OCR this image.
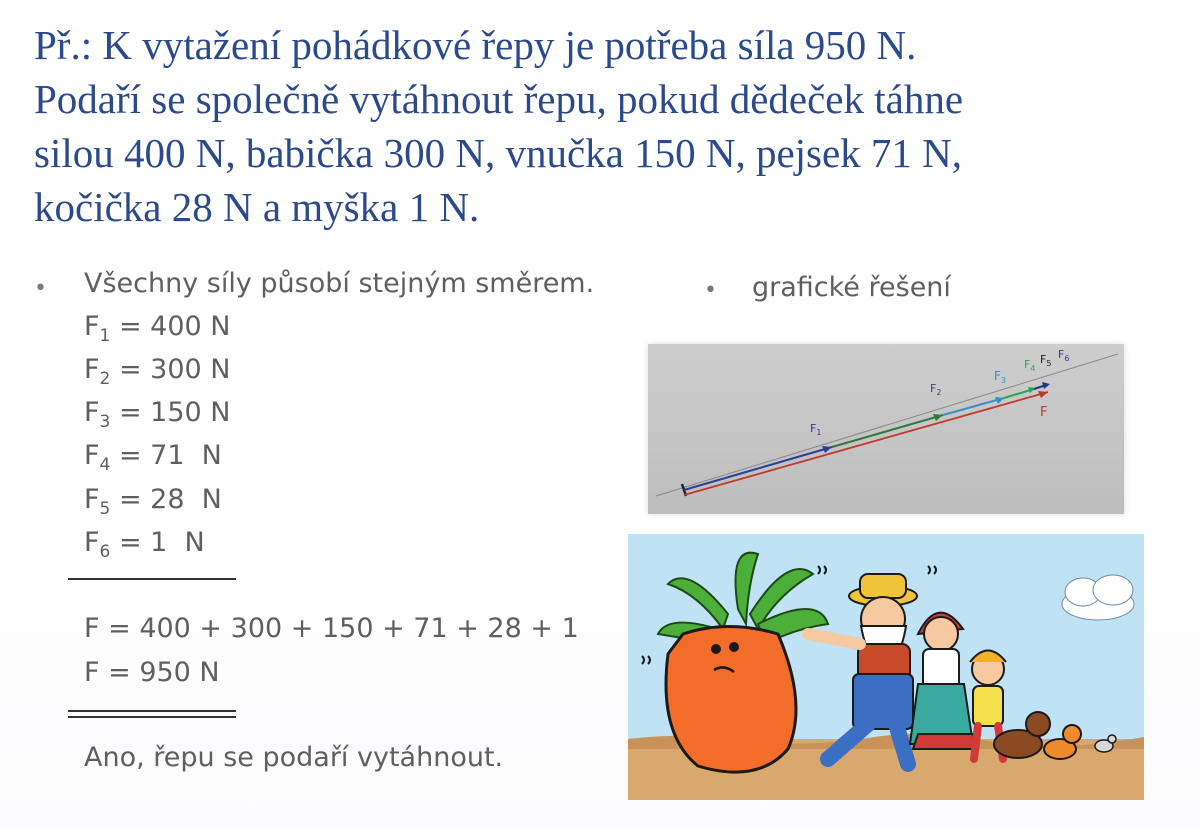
Př.: K vytažení pohádkové řepy je potřeba síla 950 N.
Podaří se společně vytáhnout řepu, pokud dědeček táhne
silou 400 N, babička 300 N, vnučka 150 N, pejsek 71 N,
kočička 28 N a myška 1 N.
• Všechny síly působí stejným směrem.
$F_1 = 400$ N
$F_2 = 300$ N
$F_3 = 150$ N
$F_4 = 71$  N
$F_5 = 28$  N
$F_6 = 1$  N
F = 400 + 300 + 150 + 71 + 28 + 1
F = 950 N
Ano, řepu se podaří vytáhnout.
• grafické řešení
$F_1$
$F_2$
$F_3$
$F_4$
$F_5$
$F_6$
F
